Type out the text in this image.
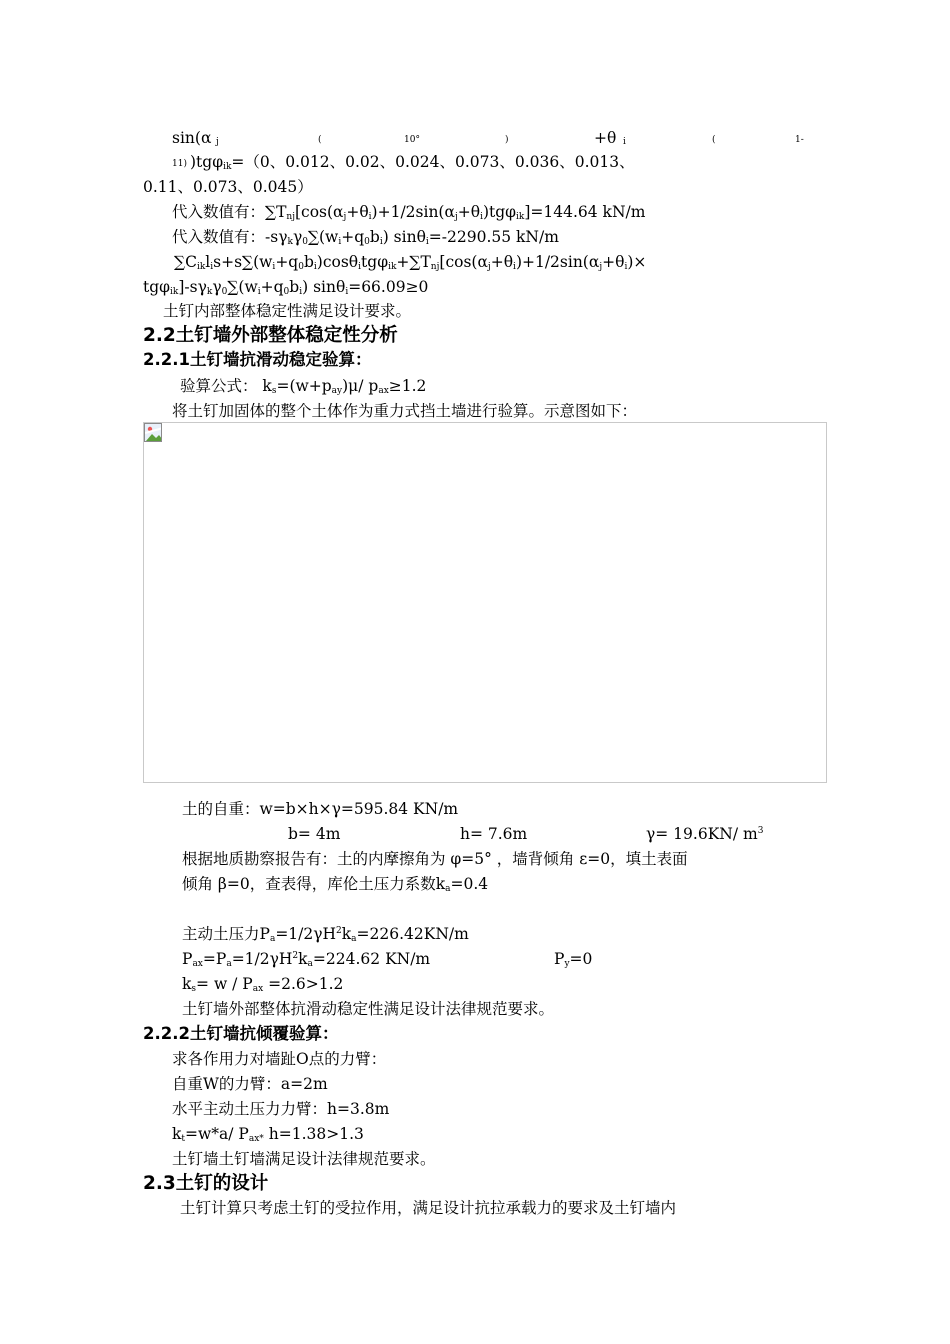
sin(α j	(	10°	)	+θ i	(	1-
11) )tgφ$_{ik}$=（0、0.012、0.02、0.024、0.073、0.036、0.013、
0.11、0.073、0.045）
代入数值有：$\sum T_{nj}[\cos(\alpha_j+\theta_i)+1/2\sin(\alpha_j+\theta_i)tg\varphi_{ik}]=144.64$ kN/m
代入数值有：$-s\gamma_k\gamma_0\sum(w_i+q_0b_i)$ sinθ$_i$=-2290.55 kN/m
$\sum C_{ik}l_is+s\sum(w_i+q_0b_i)\cos\theta_itg\varphi_{ik}+\sum T_{nj}[\cos(\alpha_j+\theta_i)+1/2\sin(\alpha_j+\theta_i)\times$
$tg\varphi_{ik}]-s\gamma_k\gamma_0\sum(w_i+q_0b_i)$ sinθ$_i$=66.09≥0
土钉内部整体稳定性满足设计要求。
2.2土钉墙外部整体稳定性分析
2.2.1土钉墙抗滑动稳定验算：
验算公式： $k_s=(w+p_{ay})\mu/$ $p_{ax}\ge 1.2$
将土钉加固体的整个土体作为重力式挡土墙进行验算。示意图如下：
土的自重：w=b×h×γ=595.84 KN/m
b= 4m	h= 7.6m	γ= 19.6KN/ $m^3$
根据地质勘察报告有：土的内摩擦角为 φ=5° ，墙背倾角 ε=0，填土表面
倾角 β=0，查表得，库伦土压力系数$k_a=0.4$
主动土压力$P_a=1/2\gamma H^2k_a=226.42KN/m$
$P_{ax}=P_a=1/2\gamma H^2k_a=224.62$ KN/m	$P_y=0$
$k_s= w / P_{ax} =2.6>1.2$
土钉墙外部整体抗滑动稳定性满足设计法律规范要求。
2.2.2土钉墙抗倾覆验算：
求各作用力对墙趾O点的力臂：
自重W的力臂：a=2m
水平主动土压力力臂：h=3.8m
$k_t=w*a/$ $P_{ax*}$ h=1.38>1.3
土钉墙土钉墙满足设计法律规范要求。
2.3土钉的设计
土钉计算只考虑土钉的受拉作用，满足设计抗拉承载力的要求及土钉墙内
